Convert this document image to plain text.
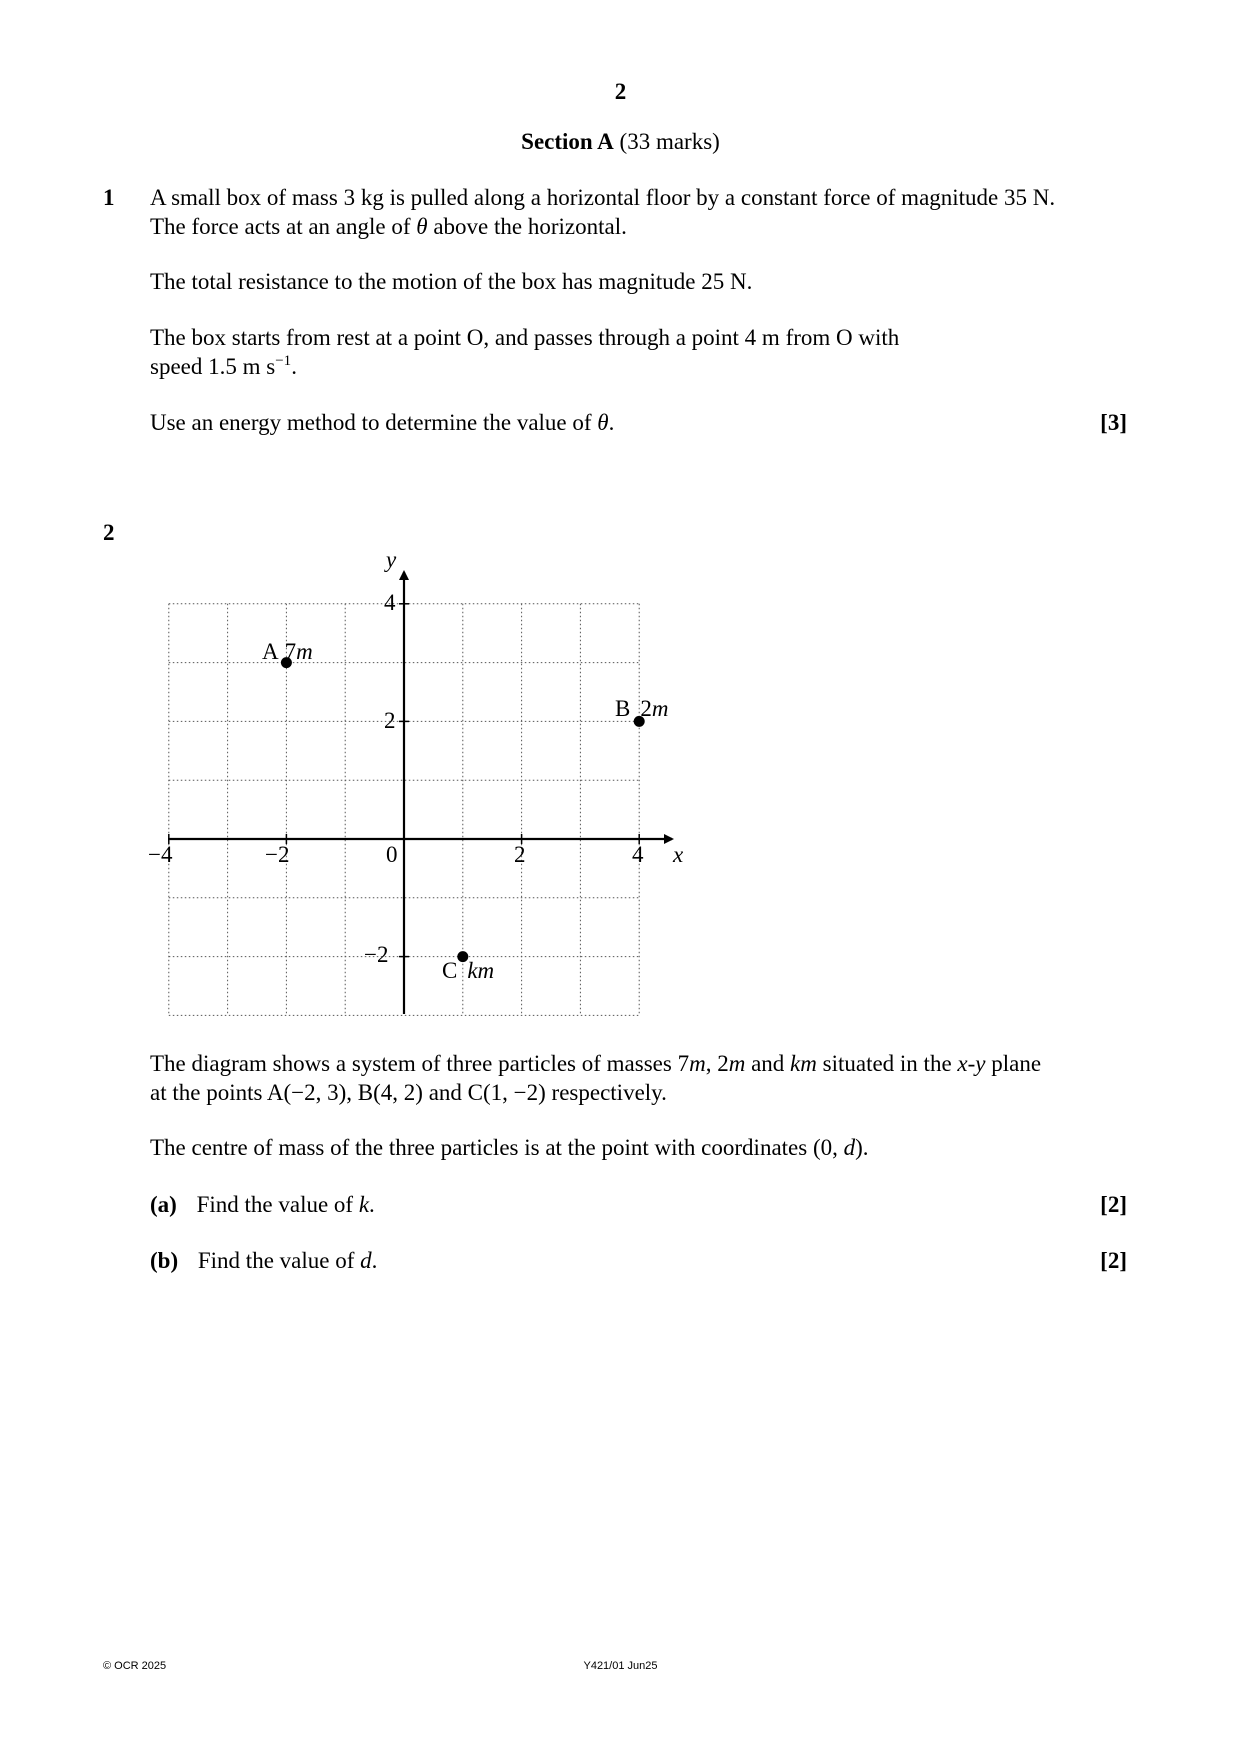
2
Section A (33 marks)
1 A small box of mass 3 kg is pulled along a horizontal floor by a constant force of magnitude 35 N.
The force acts at an angle of θ above the horizontal.
The total resistance to the motion of the box has magnitude 25 N.
The box starts from rest at a point O, and passes through a point 4 m from O with
speed 1.5 m $s^{-1}$.
Use an energy method to determine the value of θ.	[3]
2
x
y
−4	−2	0	2	4
4
2
−2
A 7m
B 2m
C km
The diagram shows a system of three particles of masses 7m, 2m and km situated in the x-y plane
at the points A(−2, 3), B(4, 2) and C(1, −2) respectively.
The centre of mass of the three particles is at the point with coordinates (0, d).
(a) Find the value of k.	[2]
(b) Find the value of d.	[2]
© OCR 2025	Y421/01 Jun25
